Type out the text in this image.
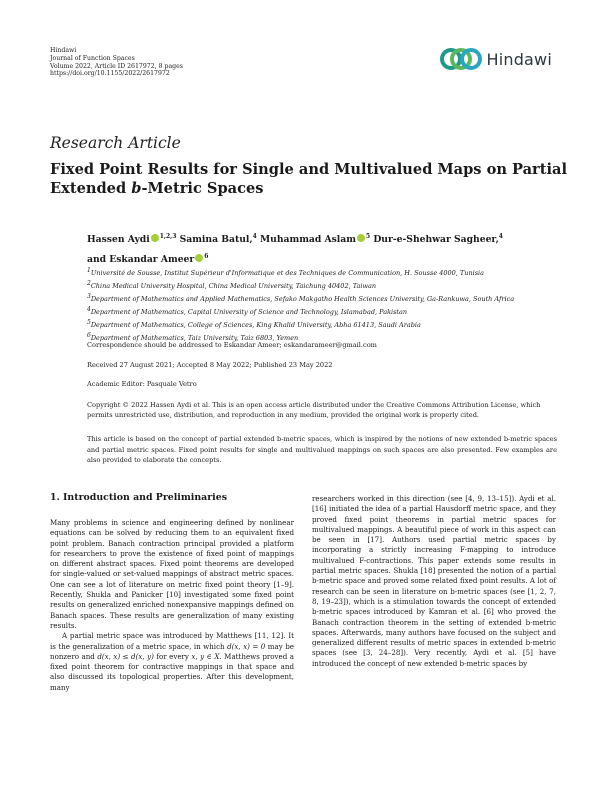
Hindawi
Journal of Function Spaces
Volume 2022, Article ID 2617972, 8 pages
https://doi.org/10.1155/2022/2617972
Hindawi
Research Article
Fixed Point Results for Single and Multivalued Maps on Partial Extended b-Metric Spaces
Hassen Aydi $^{1,2,3}$ Samina Batul,$^4$ Muhammad Aslam $^5$ Dur-e-Shehwar Sagheer,$^4$
and Eskandar Ameer $^6$
$^1$Université de Sousse, Institut Supérieur d'Informatique et des Techniques de Communication, H. Sousse 4000, Tunisia
$^2$China Medical University Hospital, China Medical University, Taichung 40402, Taiwan
$^3$Department of Mathematics and Applied Mathematics, Sefako Makgatho Health Sciences University, Ga-Rankuwa, South Africa
$^4$Department of Mathematics, Capital University of Science and Technology, Islamabad, Pakistan
$^5$Department of Mathematics, College of Sciences, King Khalid University, Abha 61413, Saudi Arabia
$^6$Department of Mathematics, Taiz University, Taiz 6803, Yemen
Correspondence should be addressed to Eskandar Ameer; eskandarameer@gmail.com
Received 27 August 2021; Accepted 8 May 2022; Published 23 May 2022
Academic Editor: Pasquale Vetro
Copyright © 2022 Hassen Aydi et al. This is an open access article distributed under the Creative Commons Attribution License, which permits unrestricted use, distribution, and reproduction in any medium, provided the original work is properly cited.
This article is based on the concept of partial extended b-metric spaces, which is inspired by the notions of new extended b-metric spaces and partial metric spaces. Fixed point results for single and multivalued mappings on such spaces are also presented. Few examples are also provided to elaborate the concepts.
1. Introduction and Preliminaries

Many problems in science and engineering defined by nonlinear equations can be solved by reducing them to an equivalent fixed point problem. Banach contraction principal provided a platform for researchers to prove the existence of fixed point of mappings on different abstract spaces. Fixed point theorems are developed for single-valued or set-valued mappings of abstract metric spaces. One can see a lot of literature on metric fixed point theory [1–9]. Recently, Shukla and Panicker [10] investigated some fixed point results on generalized enriched nonexpansive mappings defined on Banach spaces. These results are generalization of many existing results.

A partial metric space was introduced by Matthews [11, 12]. It is the generalization of a metric space, in which d(x, x) = 0 may be nonzero and d(x, x) ≤ d(x, y) for every x, y ∈ X. Matthews proved a fixed point theorem for contractive mappings in that space and also discussed its topological properties. After this development, many

researchers worked in this direction (see [4, 9, 13–15]). Aydi et al. [16] initiated the idea of a partial Hausdorff metric space, and they proved fixed point theorems in partial metric spaces for multivalued mappings. A beautiful piece of work in this aspect can be seen in [17]. Authors used partial metric spaces by incorporating a strictly increasing F-mapping to introduce multivalued F-contractions. This paper extends some results in partial metric spaces. Shukla [18] presented the notion of a partial b-metric space and proved some related fixed point results. A lot of research can be seen in literature on b-metric spaces (see [1, 2, 7, 8, 19–23]), which is a stimulation towards the concept of extended b-metric spaces introduced by Kamran et al. [6] who proved the Banach contraction theorem in the setting of extended b-metric spaces. Afterwards, many authors have focused on the subject and generalized different results of metric spaces in extended b-metric spaces (see [3, 24–28]). Very recently, Aydi et al. [5] have introduced the concept of new extended b-metric spaces by
